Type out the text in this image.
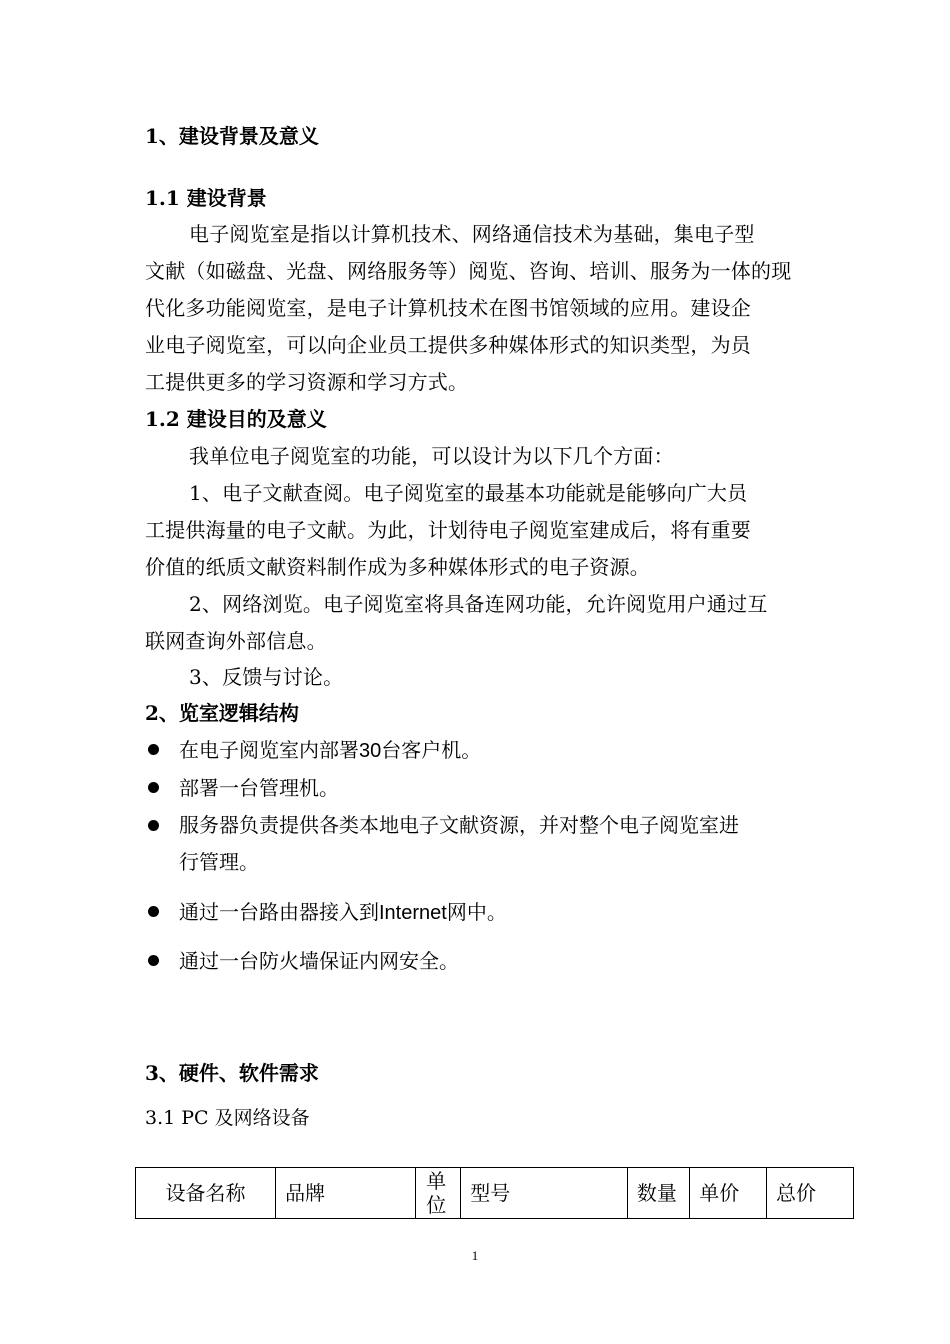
1、建设背景及意义
1.1 建设背景
电子阅览室是指以计算机技术、网络通信技术为基础，集电子型
文献（如磁盘、光盘、网络服务等）阅览、咨询、培训、服务为一体的现
代化多功能阅览室，是电子计算机技术在图书馆领域的应用。建设企
业电子阅览室，可以向企业员工提供多种媒体形式的知识类型，为员
工提供更多的学习资源和学习方式。
1.2 建设目的及意义
我单位电子阅览室的功能，可以设计为以下几个方面：
1、电子文献查阅。电子阅览室的最基本功能就是能够向广大员
工提供海量的电子文献。为此，计划待电子阅览室建成后，将有重要
价值的纸质文献资料制作成为多种媒体形式的电子资源。
2、网络浏览。电子阅览室将具备连网功能，允许阅览用户通过互
联网查询外部信息。
3、反馈与讨论。
2、览室逻辑结构
在电子阅览室内部署30台客户机。
部署一台管理机。
服务器负责提供各类本地电子文献资源，并对整个电子阅览室进
行管理。
通过一台路由器接入到Internet网中。
通过一台防火墙保证内网安全。
3、硬件、软件需求
3.1 PC 及网络设备
设备名称	品牌	单位	型号	数量	单价	总价
1
